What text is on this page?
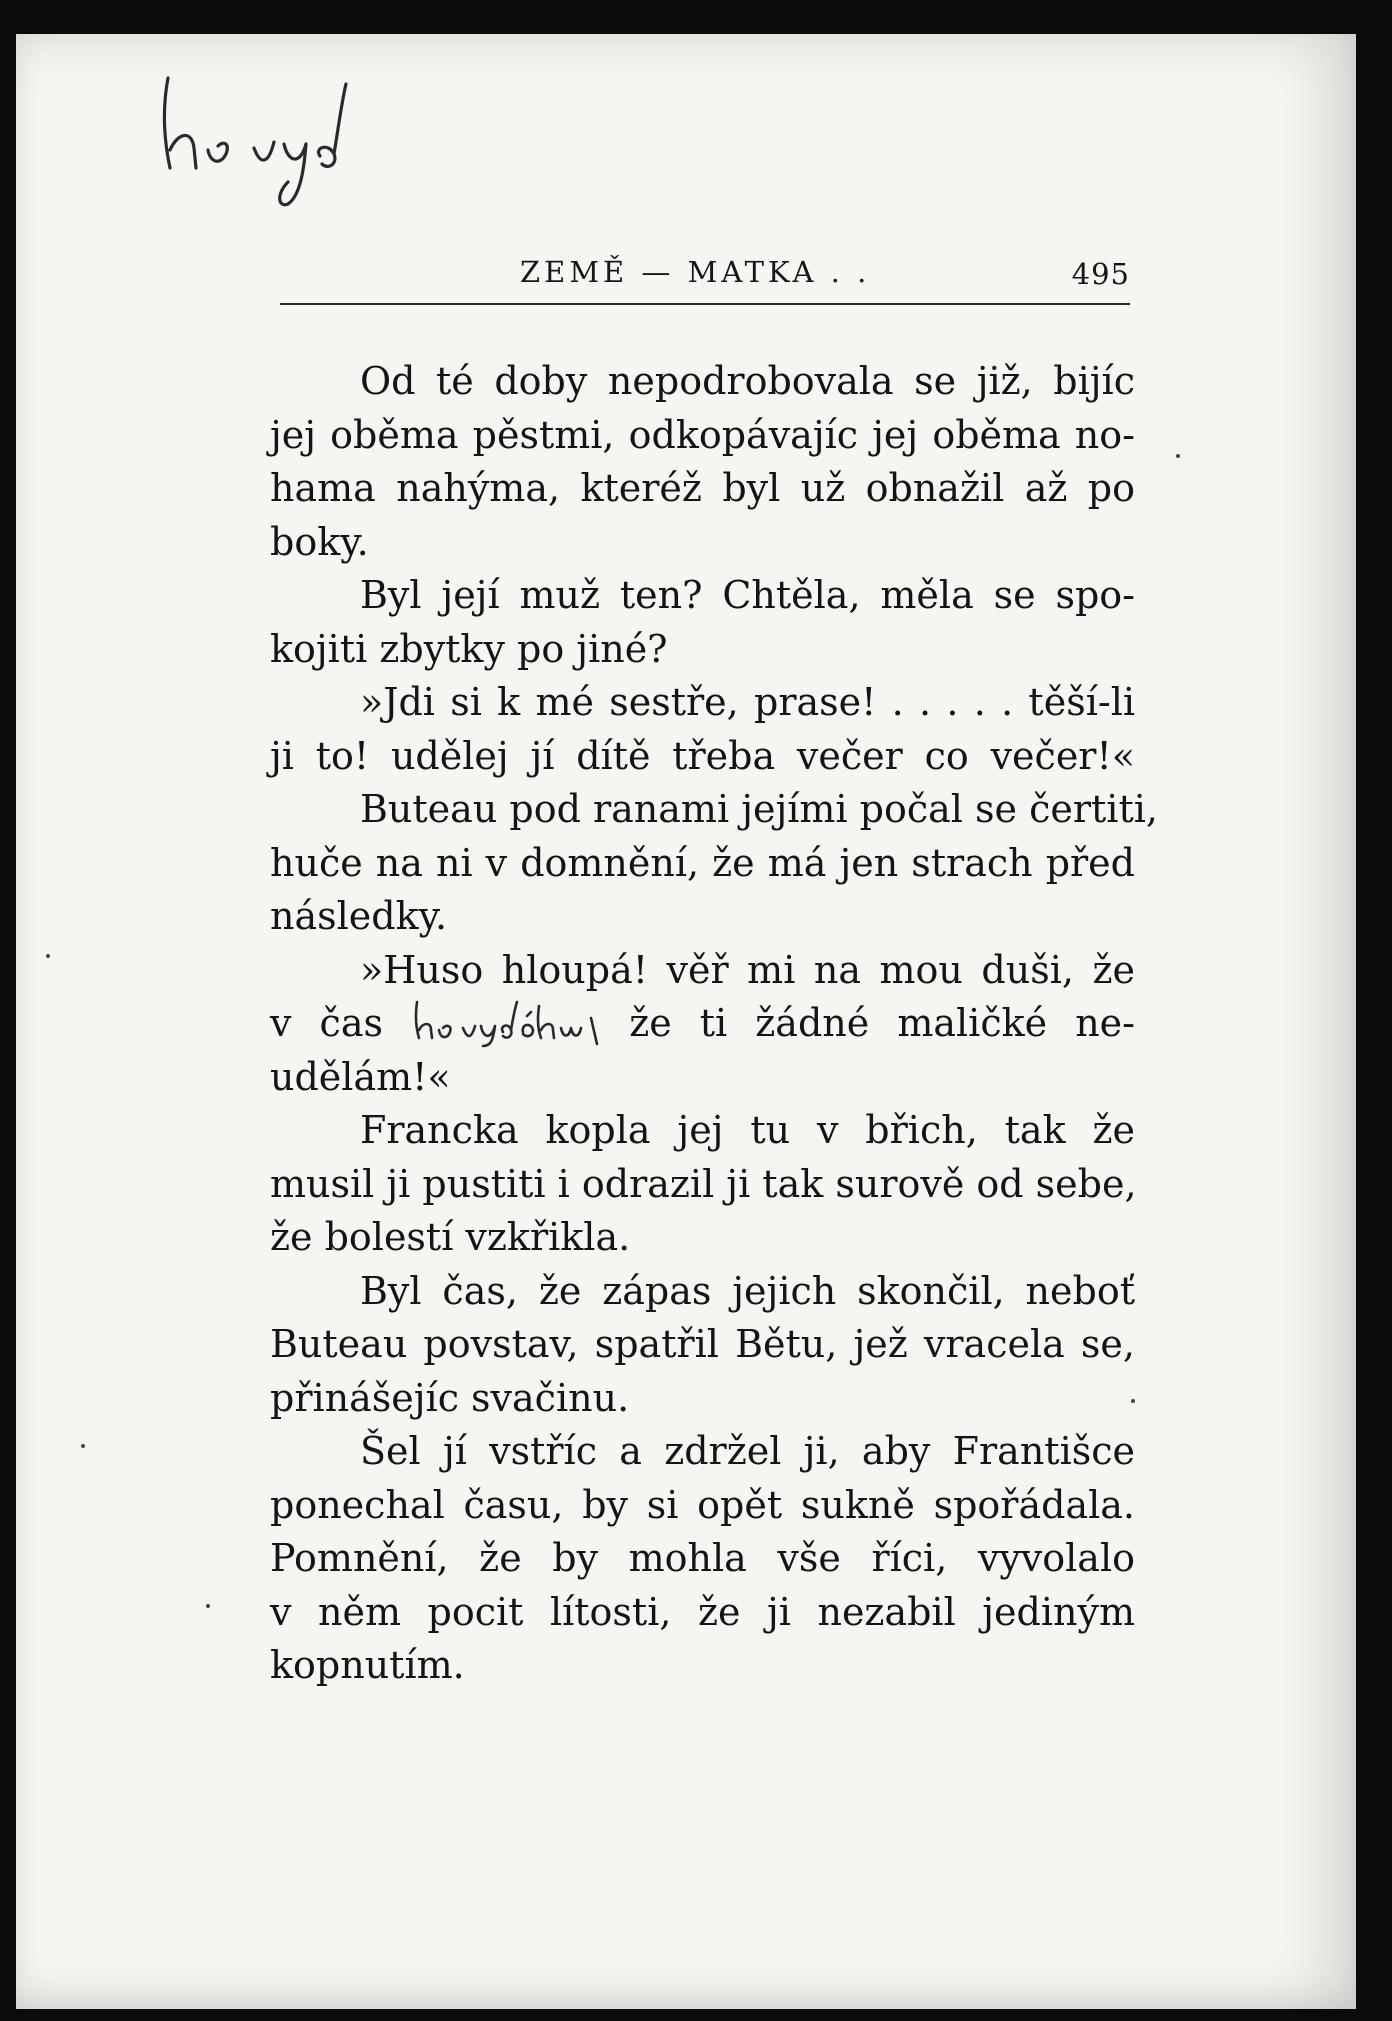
ZEMĚ — MATKA . .	495
Od té doby nepodrobovala se již, bijíc
jej oběma pěstmi, odkopávajíc jej oběma no-
hama nahýma, kteréž byl už obnažil až po
boky.
Byl její muž ten? Chtěla, měla se spo-
kojiti zbytky po jiné?
»Jdi si k mé sestře, prase! . . . . . těší-li
ji to! udělej jí dítě třeba večer co večer!«
Buteau pod ranami jejími počal se čertiti,
huče na ni v domnění, že má jen strach před
následky.
»Huso hloupá! věř mi na mou duši, že
v čas	že ti žádné maličké ne-
udělám!«
Francka kopla jej tu v břich, tak že
musil ji pustiti i odrazil ji tak surově od sebe,
že bolestí vzkřikla.
Byl čas, že zápas jejich skončil, neboť
Buteau povstav, spatřil Bětu, jež vracela se,
přinášejíc svačinu.
Šel jí vstříc a zdržel ji, aby Františce
ponechal času, by si opět sukně spořádala.
Pomnění, že by mohla vše říci, vyvolalo
v něm pocit lítosti, že ji nezabil jediným
kopnutím.
